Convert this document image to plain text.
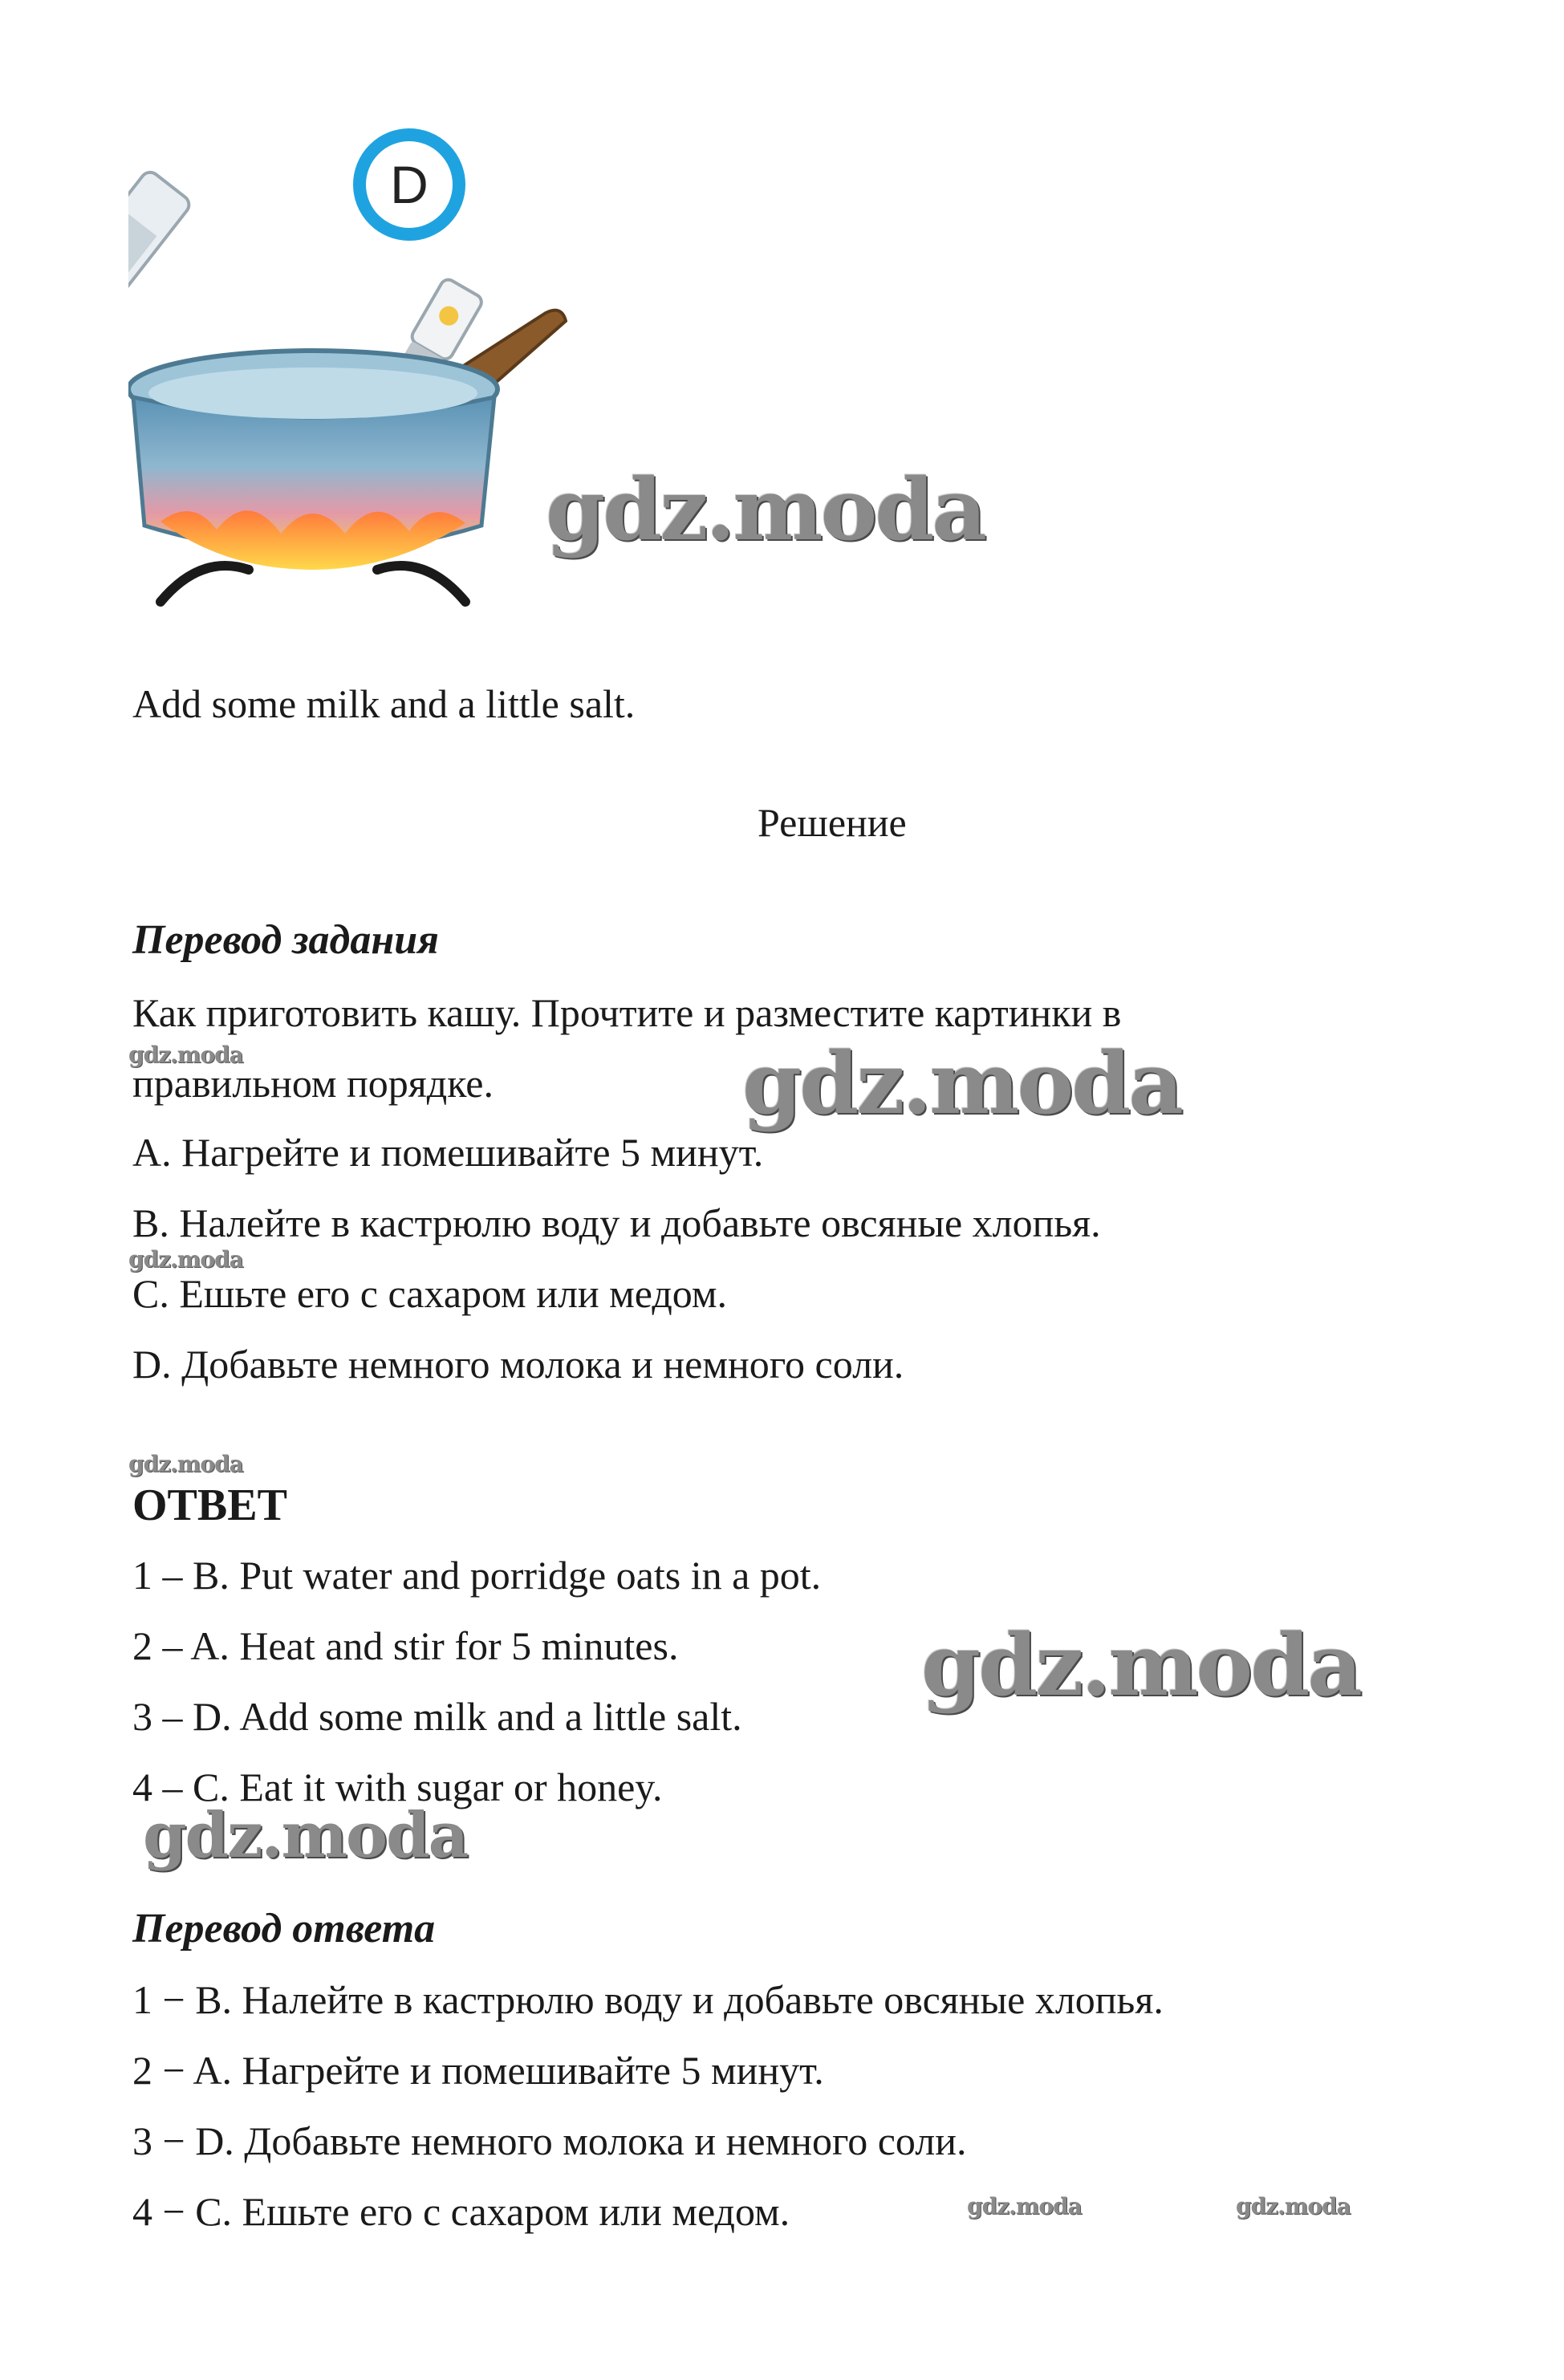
D
gdz.moda
gdz.moda
gdz.moda
gdz.moda
gdz.moda
gdz.moda
gdz.moda
gdz.moda	gdz.moda
Add some milk and a little salt.
Решение
Перевод задания
Как приготовить кашу. Прочтите и разместите картинки в
правильном порядке.
A. Нагрейте и помешивайте 5 минут.
B. Налейте в кастрюлю воду и добавьте овсяные хлопья.
C. Ешьте его с сахаром или медом.
D. Добавьте немного молока и немного соли.
ОТВЕТ
1 – B. Put water and porridge oats in a pot.
2 – A. Heat and stir for 5 minutes.
3 – D. Add some milk and a little salt.
4 – C. Eat it with sugar or honey.
Перевод ответа
1 − B. Налейте в кастрюлю воду и добавьте овсяные хлопья.
2 − A. Нагрейте и помешивайте 5 минут.
3 − D. Добавьте немного молока и немного соли.
4 − C. Ешьте его с сахаром или медом.
